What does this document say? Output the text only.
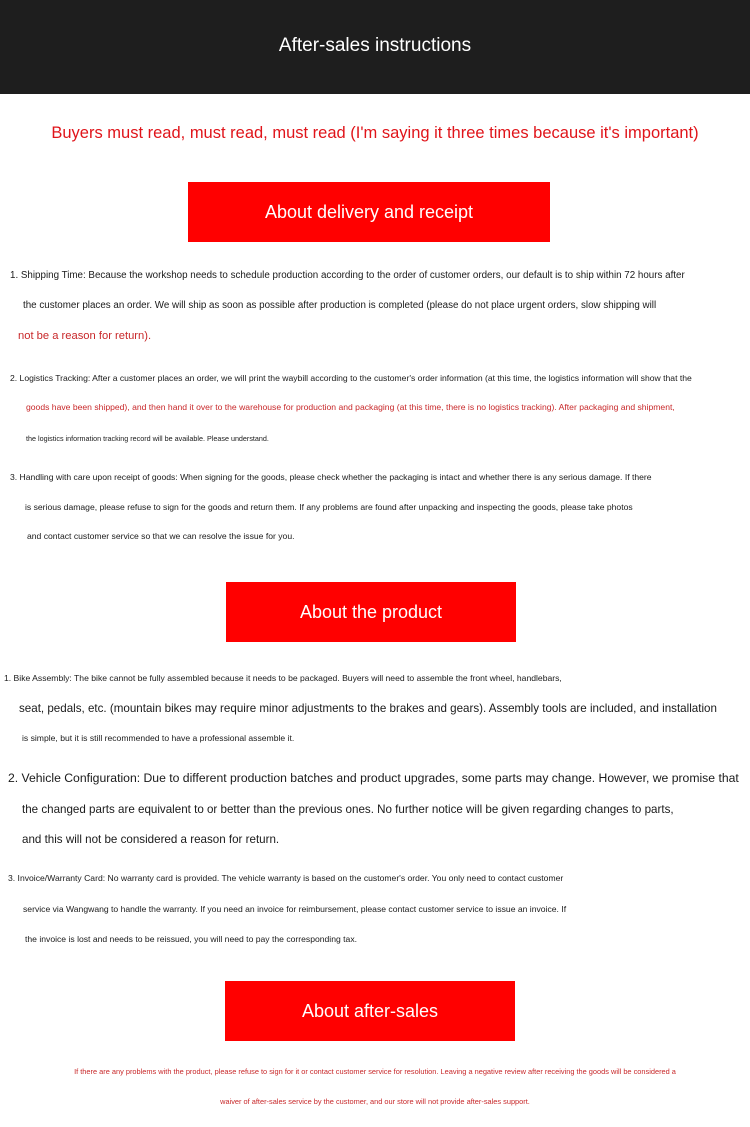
After-sales instructions
Buyers must read, must read, must read (I'm saying it three times because it's important)
About delivery and receipt
1. Shipping Time: Because the workshop needs to schedule production according to the order of customer orders, our default is to ship within 72 hours after
the customer places an order. We will ship as soon as possible after production is completed (please do not place urgent orders, slow shipping will
not be a reason for return).
2. Logistics Tracking: After a customer places an order, we will print the waybill according to the customer's order information (at this time, the logistics information will show that the
goods have been shipped), and then hand it over to the warehouse for production and packaging (at this time, there is no logistics tracking). After packaging and shipment,
the logistics information tracking record will be available. Please understand.
3. Handling with care upon receipt of goods: When signing for the goods, please check whether the packaging is intact and whether there is any serious damage. If there
is serious damage, please refuse to sign for the goods and return them. If any problems are found after unpacking and inspecting the goods, please take photos
and contact customer service so that we can resolve the issue for you.
About the product
1. Bike Assembly: The bike cannot be fully assembled because it needs to be packaged. Buyers will need to assemble the front wheel, handlebars,
seat, pedals, etc. (mountain bikes may require minor adjustments to the brakes and gears). Assembly tools are included, and installation
is simple, but it is still recommended to have a professional assemble it.
2. Vehicle Configuration: Due to different production batches and product upgrades, some parts may change. However, we promise that
the changed parts are equivalent to or better than the previous ones. No further notice will be given regarding changes to parts,
and this will not be considered a reason for return.
3. Invoice/Warranty Card: No warranty card is provided. The vehicle warranty is based on the customer's order. You only need to contact customer
service via Wangwang to handle the warranty. If you need an invoice for reimbursement, please contact customer service to issue an invoice. If
the invoice is lost and needs to be reissued, you will need to pay the corresponding tax.
About after-sales
If there are any problems with the product, please refuse to sign for it or contact customer service for resolution. Leaving a negative review after receiving the goods will be considered a
waiver of after-sales service by the customer, and our store will not provide after-sales support.
